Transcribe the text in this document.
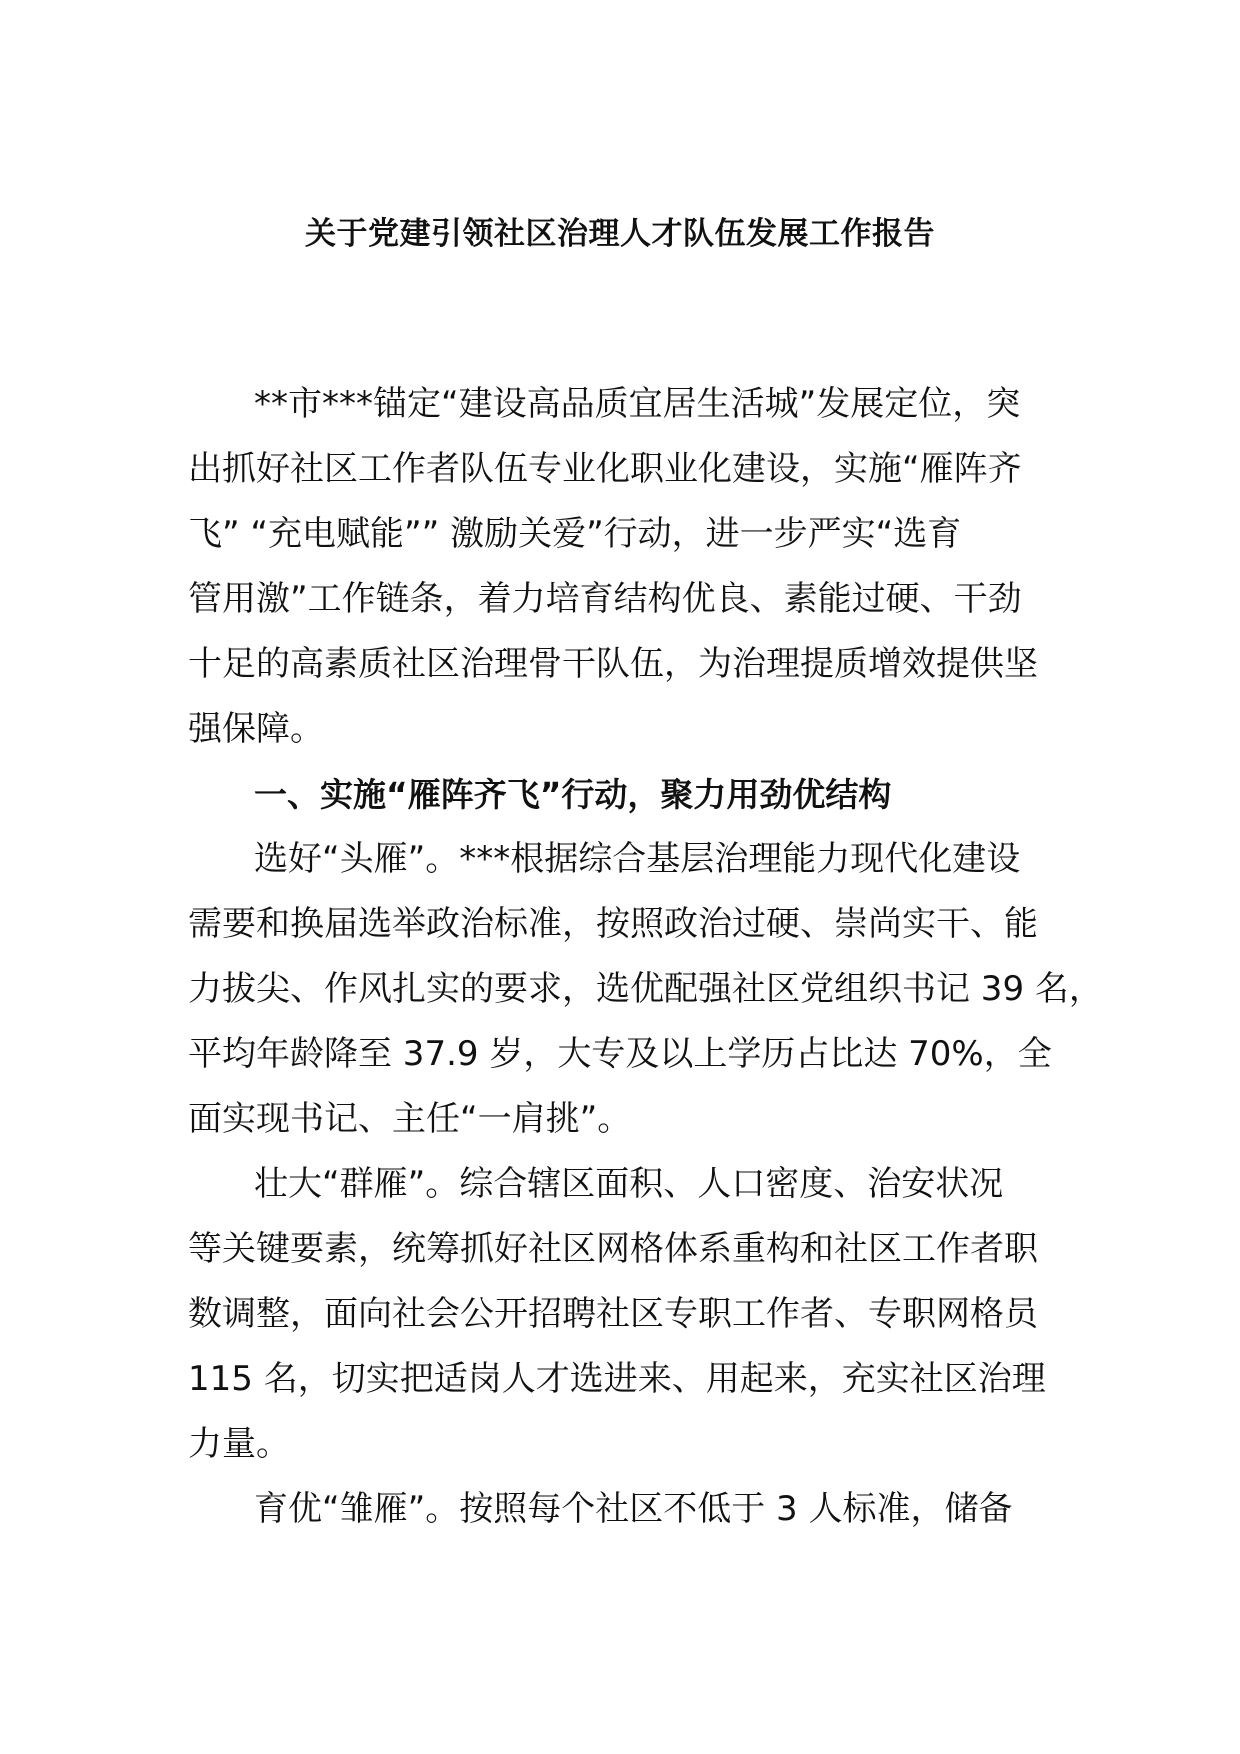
关于党建引领社区治理人才队伍发展工作报告
**市***锚定“建设高品质宜居生活城”发展定位，突
出抓好社区工作者队伍专业化职业化建设，实施“雁阵齐
飞” “充电赋能”” 激励关爱”行动，进一步严实“选育
管用激”工作链条，着力培育结构优良、素能过硬、干劲
十足的高素质社区治理骨干队伍，为治理提质增效提供坚
强保障。
一、实施“雁阵齐飞”行动，聚力用劲优结构
选好“头雁”。***根据综合基层治理能力现代化建设
需要和换届选举政治标准，按照政治过硬、崇尚实干、能
力拔尖、作风扎实的要求，选优配强社区党组织书记 39 名，
平均年龄降至 37.9 岁，大专及以上学历占比达 70%，全
面实现书记、主任“一肩挑”。
壮大“群雁”。综合辖区面积、人口密度、治安状况
等关键要素，统筹抓好社区网格体系重构和社区工作者职
数调整，面向社会公开招聘社区专职工作者、专职网格员
115 名，切实把适岗人才选进来、用起来，充实社区治理
力量。
育优“雏雁”。按照每个社区不低于 3 人标准，储备
